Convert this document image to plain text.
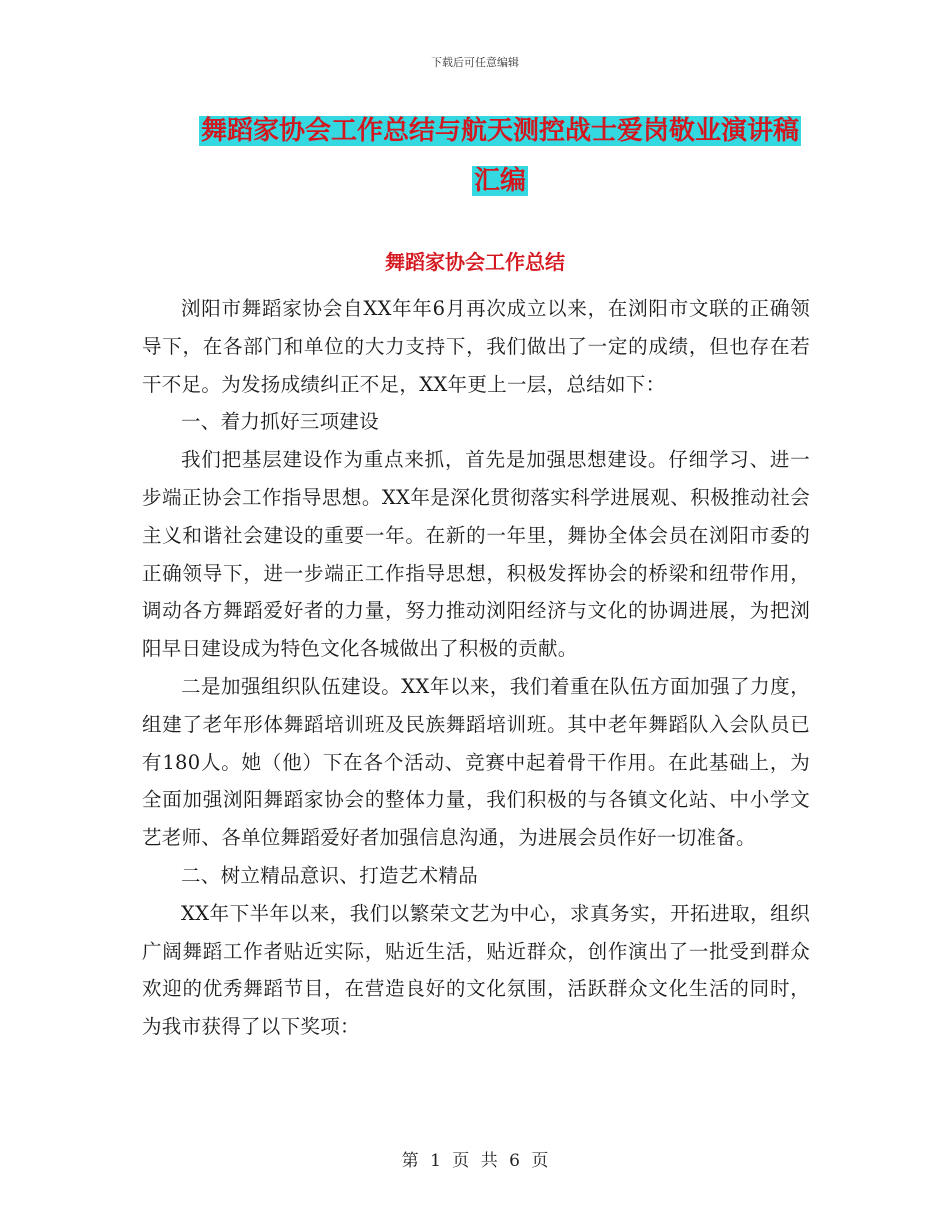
下载后可任意编辑
舞蹈家协会工作总结与航天测控战士爱岗敬业演讲稿
汇编
舞蹈家协会工作总结

浏阳市舞蹈家协会自XX年年6月再次成立以来，在浏阳市文联的正确领导下，在各部门和单位的大力支持下，我们做出了一定的成绩，但也存在若干不足。为发扬成绩纠正不足，XX年更上一层，总结如下：

一、着力抓好三项建设

我们把基层建设作为重点来抓，首先是加强思想建设。仔细学习、进一步端正协会工作指导思想。XX年是深化贯彻落实科学进展观、积极推动社会主义和谐社会建设的重要一年。在新的一年里，舞协全体会员在浏阳市委的正确领导下，进一步端正工作指导思想，积极发挥协会的桥梁和纽带作用，调动各方舞蹈爱好者的力量，努力推动浏阳经济与文化的协调进展，为把浏阳早日建设成为特色文化各城做出了积极的贡献。

二是加强组织队伍建设。XX年以来，我们着重在队伍方面加强了力度，组建了老年形体舞蹈培训班及民族舞蹈培训班。其中老年舞蹈队入会队员已有180人。她（他）下在各个活动、竞赛中起着骨干作用。在此基础上，为全面加强浏阳舞蹈家协会的整体力量，我们积极的与各镇文化站、中小学文艺老师、各单位舞蹈爱好者加强信息沟通，为进展会员作好一切准备。

二、树立精品意识、打造艺术精品

XX年下半年以来，我们以繁荣文艺为中心，求真务实，开拓进取，组织广阔舞蹈工作者贴近实际，贴近生活，贴近群众，创作演出了一批受到群众欢迎的优秀舞蹈节目，在营造良好的文化氛围，活跃群众文化生活的同时，为我市获得了以下奖项：

第 1 页 共 6 页
